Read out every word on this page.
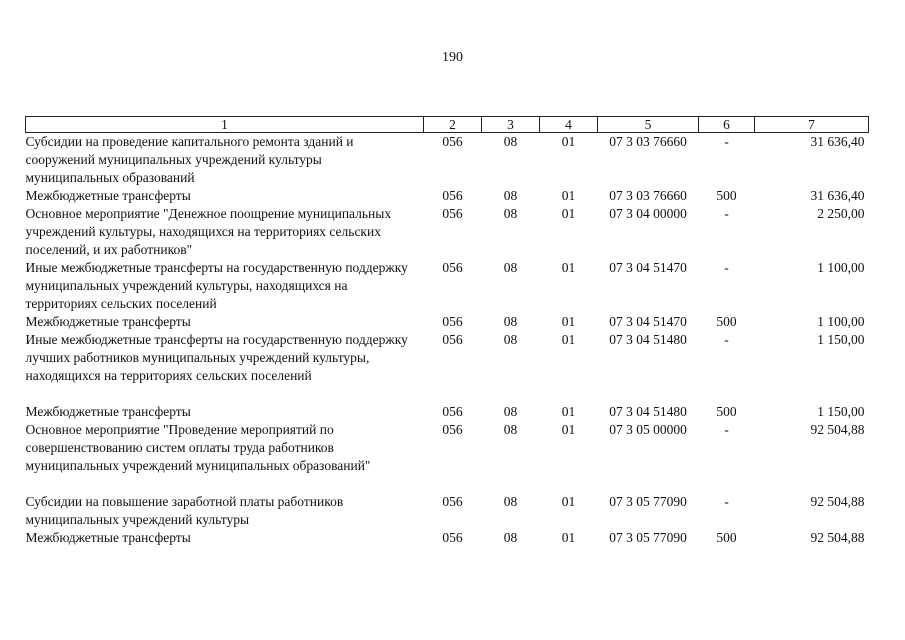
190
1	2	3	4	5	6	7
Субсидии на проведение капитального ремонта зданий и сооружений муниципальных учреждений культуры муниципальных образований	056	08	01	07 3 03 76660	-	31 636,40
Межбюджетные трансферты	056	08	01	07 3 03 76660	500	31 636,40
Основное мероприятие "Денежное поощрение муниципальных учреждений культуры, находящихся на территориях сельских поселений, и их работников"	056	08	01	07 3 04 00000	-	2 250,00
Иные межбюджетные трансферты на государственную поддержку муниципальных учреждений культуры, находящихся на территориях сельских поселений	056	08	01	07 3 04 51470	-	1 100,00
Межбюджетные трансферты	056	08	01	07 3 04 51470	500	1 100,00
Иные межбюджетные трансферты на государственную поддержку лучших работников муниципальных учреждений культуры, находящихся на территориях сельских поселений	056	08	01	07 3 04 51480	-	1 150,00
Межбюджетные трансферты	056	08	01	07 3 04 51480	500	1 150,00
Основное мероприятие "Проведение мероприятий по совершенствованию систем оплаты труда работников муниципальных учреждений муниципальных образований"	056	08	01	07 3 05 00000	-	92 504,88
Субсидии на повышение заработной платы работников муниципальных учреждений культуры	056	08	01	07 3 05 77090	-	92 504,88
Межбюджетные трансферты	056	08	01	07 3 05 77090	500	92 504,88
